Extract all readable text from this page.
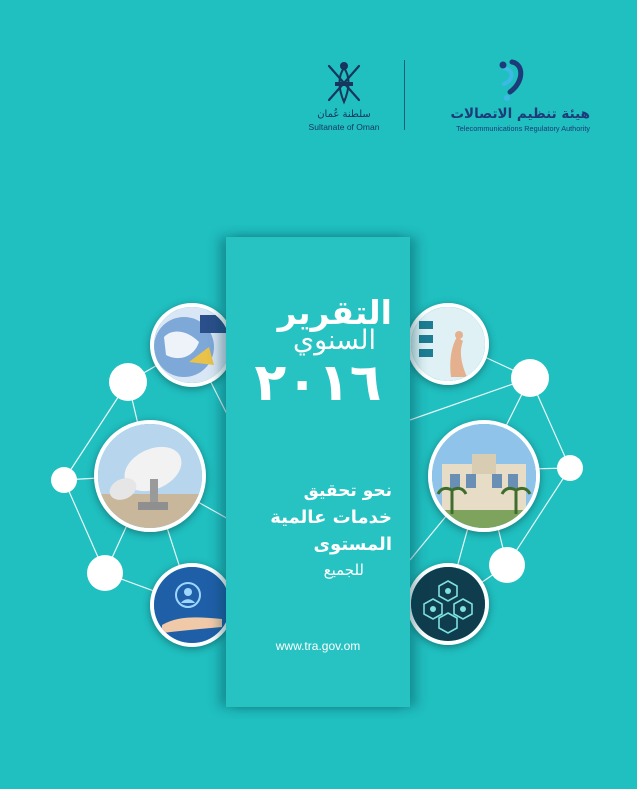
سلطنة عُمان
Sultanate of Oman
هيئة تنظيم الاتصالات
Telecommunications Regulatory Authority
التقرير
السنوي
٢٠١٦
نحو تحقيق
خدمات عالمية
المستوى
للجميع
www.tra.gov.om
